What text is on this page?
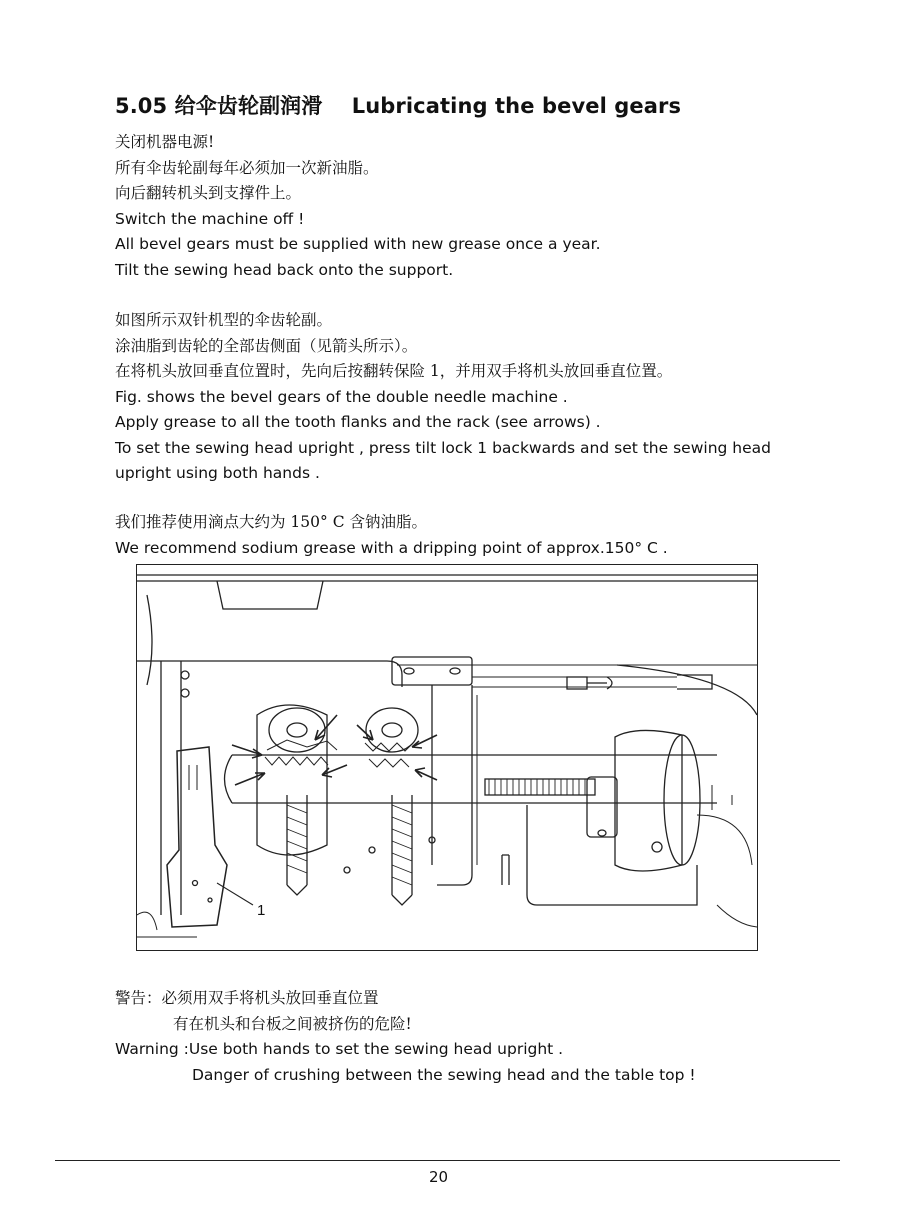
5.05 给伞齿轮副润滑 Lubricating the bevel gears
关闭机器电源!
所有伞齿轮副每年必须加一次新油脂。
向后翻转机头到支撑件上。
Switch the machine off !
All bevel gears must be supplied with new grease once a year.
Tilt the sewing head back onto the support.
如图所示双针机型的伞齿轮副。
涂油脂到齿轮的全部齿侧面（见箭头所示）。
在将机头放回垂直位置时，先向后按翻转保险 1，并用双手将机头放回垂直位置。
Fig. shows the bevel gears of the double needle machine .
Apply grease to all the tooth flanks and the rack (see arrows) .
To set the sewing head upright , press tilt lock 1 backwards and set the sewing head
upright using both hands .
我们推荐使用滴点大约为 150° C 含钠油脂。
We recommend sodium grease with a dripping point of approx.150° C .
1
警告：必须用双手将机头放回垂直位置
有在机头和台板之间被挤伤的危险!
Warning :Use both hands to set the sewing head upright .
Danger of crushing between the sewing head and the table top !
20
